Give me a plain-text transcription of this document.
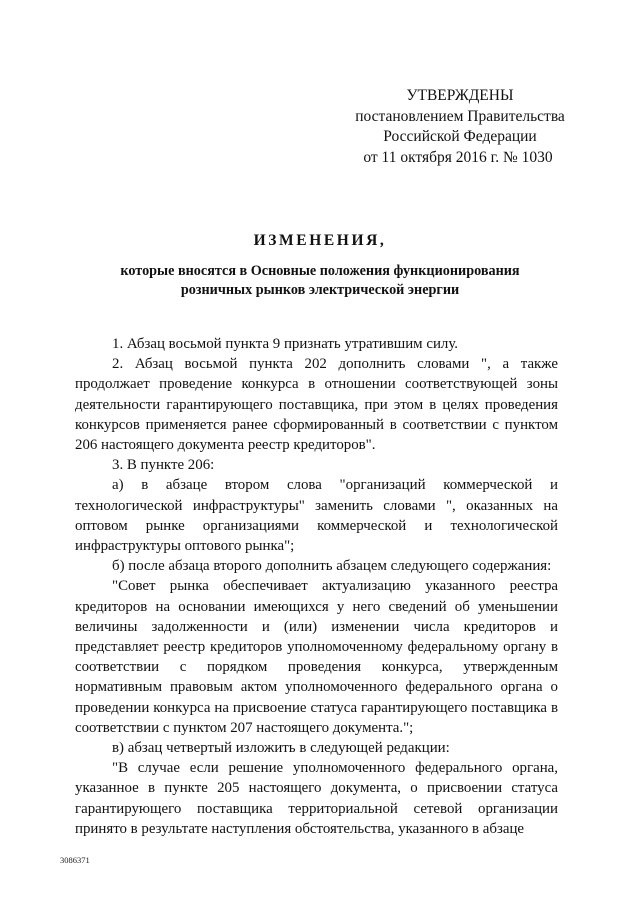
УТВЕРЖДЕНЫ
постановлением Правительства
Российской Федерации
от 11 октября 2016 г. № 1030
ИЗМЕНЕНИЯ,
которые вносятся в Основные положения функционирования
розничных рынков электрической энергии

1. Абзац восьмой пункта 9 признать утратившим силу.

2. Абзац восьмой пункта 202 дополнить словами ", а также продолжает проведение конкурса в отношении соответствующей зоны деятельности гарантирующего поставщика, при этом в целях проведения конкурсов применяется ранее сформированный в соответствии с пунктом 206 настоящего документа реестр кредиторов".

3. В пункте 206:

а) в абзаце втором слова "организаций коммерческой и технологической инфраструктуры" заменить словами ", оказанных на оптовом рынке организациями коммерческой и технологической инфраструктуры оптового рынка";

б) после абзаца второго дополнить абзацем следующего содержания:

"Совет рынка обеспечивает актуализацию указанного реестра кредиторов на основании имеющихся у него сведений об уменьшении величины задолженности и (или) изменении числа кредиторов и представляет реестр кредиторов уполномоченному федеральному органу в соответствии с порядком проведения конкурса, утвержденным нормативным правовым актом уполномоченного федерального органа о проведении конкурса на присвоение статуса гарантирующего поставщика в соответствии с пунктом 207 настоящего документа.";

в) абзац четвертый изложить в следующей редакции:

"В случае если решение уполномоченного федерального органа, указанное в пункте 205 настоящего документа, о присвоении статуса гарантирующего поставщика территориальной сетевой организации принято в результате наступления обстоятельства, указанного в абзаце

3086371
